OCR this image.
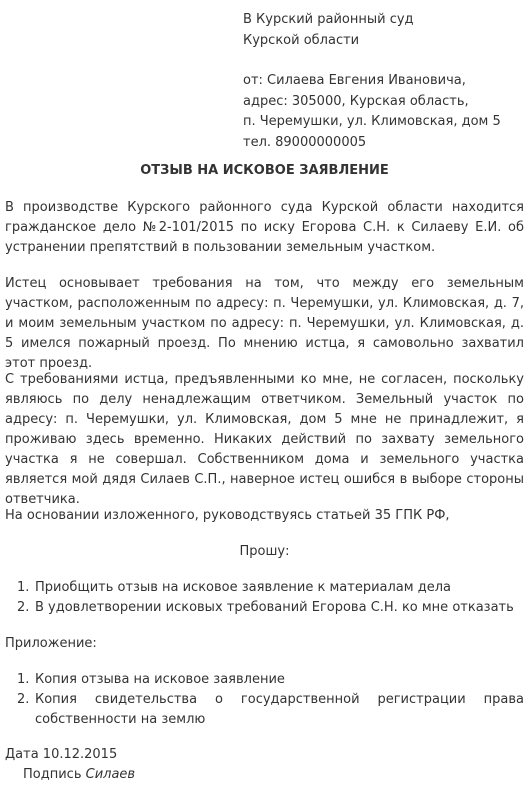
В Курский районный суд
Курской области
от: Силаева Евгения Ивановича,
адрес: 305000, Курская область,
п. Черемушки, ул. Климовская, дом 5
тел. 89000000005
ОТЗЫВ НА ИСКОВОЕ ЗАЯВЛЕНИЕ

В производстве Курского районного суда Курской области находится гражданское дело №2-101/2015 по иску Егорова С.Н. к Силаеву Е.И. об устранении препятствий в пользовании земельным участком.

Истец основывает требования на том, что между его земельным участком, расположенным по адресу: п. Черемушки, ул. Климовская, д. 7, и моим земельным участком по адресу: п. Черемушки, ул. Климовская, д. 5 имелся пожарный проезд. По мнению истца, я самовольно захватил этот проезд.

С требованиями истца, предъявленными ко мне, не согласен, поскольку являюсь по делу ненадлежащим ответчиком. Земельный участок по адресу: п. Черемушки, ул. Климовская, дом 5 мне не принадлежит, я проживаю здесь временно. Никаких действий по захвату земельного участка я не совершал. Собственником дома и земельного участка является мой дядя Силаев С.П., наверное истец ошибся в выборе стороны ответчика.

На основании изложенного, руководствуясь статьей 35 ГПК РФ,

Прошу:
1. Приобщить отзыв на исковое заявление к материалам дела
2. В удовлетворении исковых требований Егорова С.Н. ко мне отказать

Приложение:

1. Копия отзыва на исковое заявление
2. Копия свидетельства о государственной регистрации права собственности на землю

Дата 10.12.2015

Подпись Силаев
